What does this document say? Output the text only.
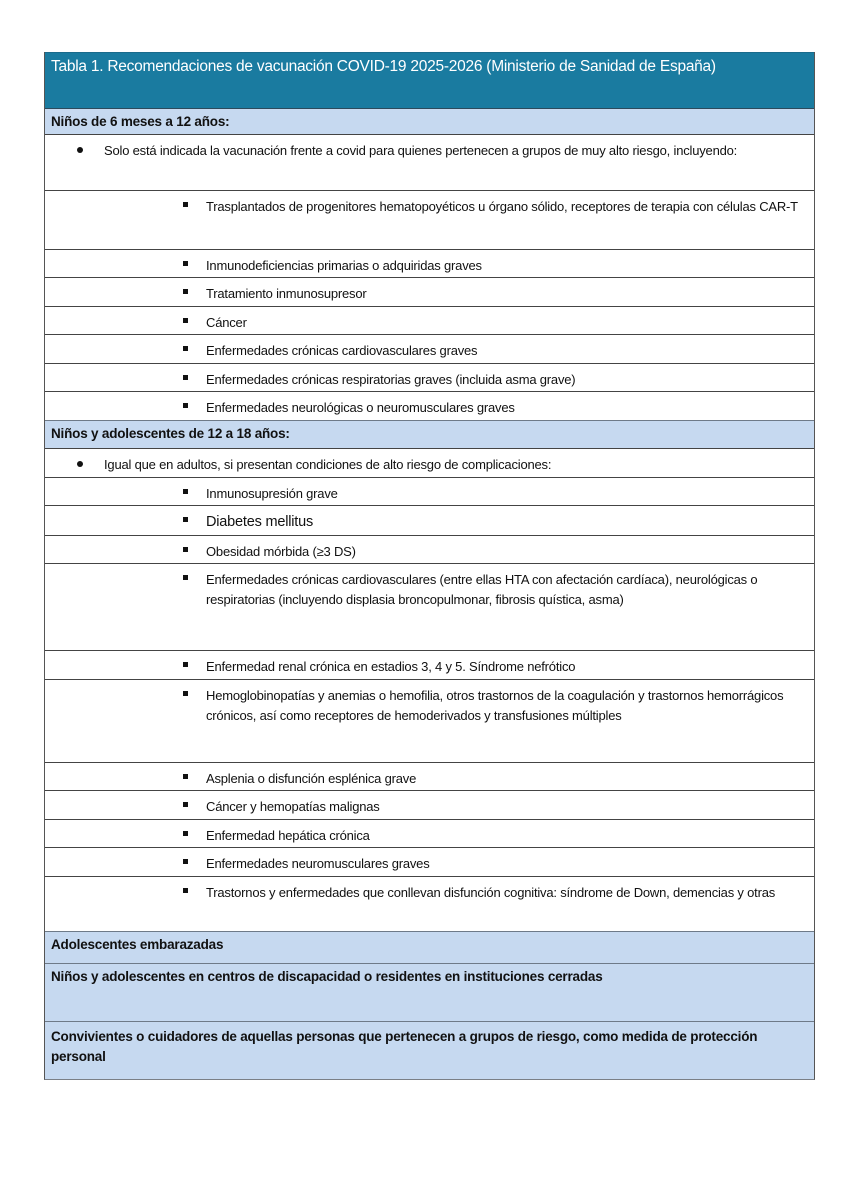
Tabla 1. Recomendaciones de vacunación COVID-19 2025-2026 (Ministerio de Sanidad de España)
Niños de 6 meses a 12 años:
Solo está indicada la vacunación frente a covid para quienes pertenecen a grupos de muy alto riesgo, incluyendo:
Trasplantados de progenitores hematopoyéticos u órgano sólido, receptores de terapia con células CAR-T
Inmunodeficiencias primarias o adquiridas graves
Tratamiento inmunosupresor
Cáncer
Enfermedades crónicas cardiovasculares graves
Enfermedades crónicas respiratorias graves (incluida asma grave)
Enfermedades neurológicas o neuromusculares graves
Niños y adolescentes de 12 a 18 años:
Igual que en adultos, si presentan condiciones de alto riesgo de complicaciones:
Inmunosupresión grave
Diabetes mellitus
Obesidad mórbida (≥3 DS)
Enfermedades crónicas cardiovasculares (entre ellas HTA con afectación cardíaca), neurológicas o respiratorias (incluyendo displasia broncopulmonar, fibrosis quística, asma)
Enfermedad renal crónica en estadios 3, 4 y 5. Síndrome nefrótico
Hemoglobinopatías y anemias o hemofilia, otros trastornos de la coagulación y trastornos hemorrágicos crónicos, así como receptores de hemoderivados y transfusiones múltiples
Asplenia o disfunción esplénica grave
Cáncer y hemopatías malignas
Enfermedad hepática crónica
Enfermedades neuromusculares graves
Trastornos y enfermedades que conllevan disfunción cognitiva: síndrome de Down, demencias y otras
Adolescentes embarazadas
Niños y adolescentes en centros de discapacidad o residentes en instituciones cerradas
Convivientes o cuidadores de aquellas personas que pertenecen a grupos de riesgo, como medida de protección personal
